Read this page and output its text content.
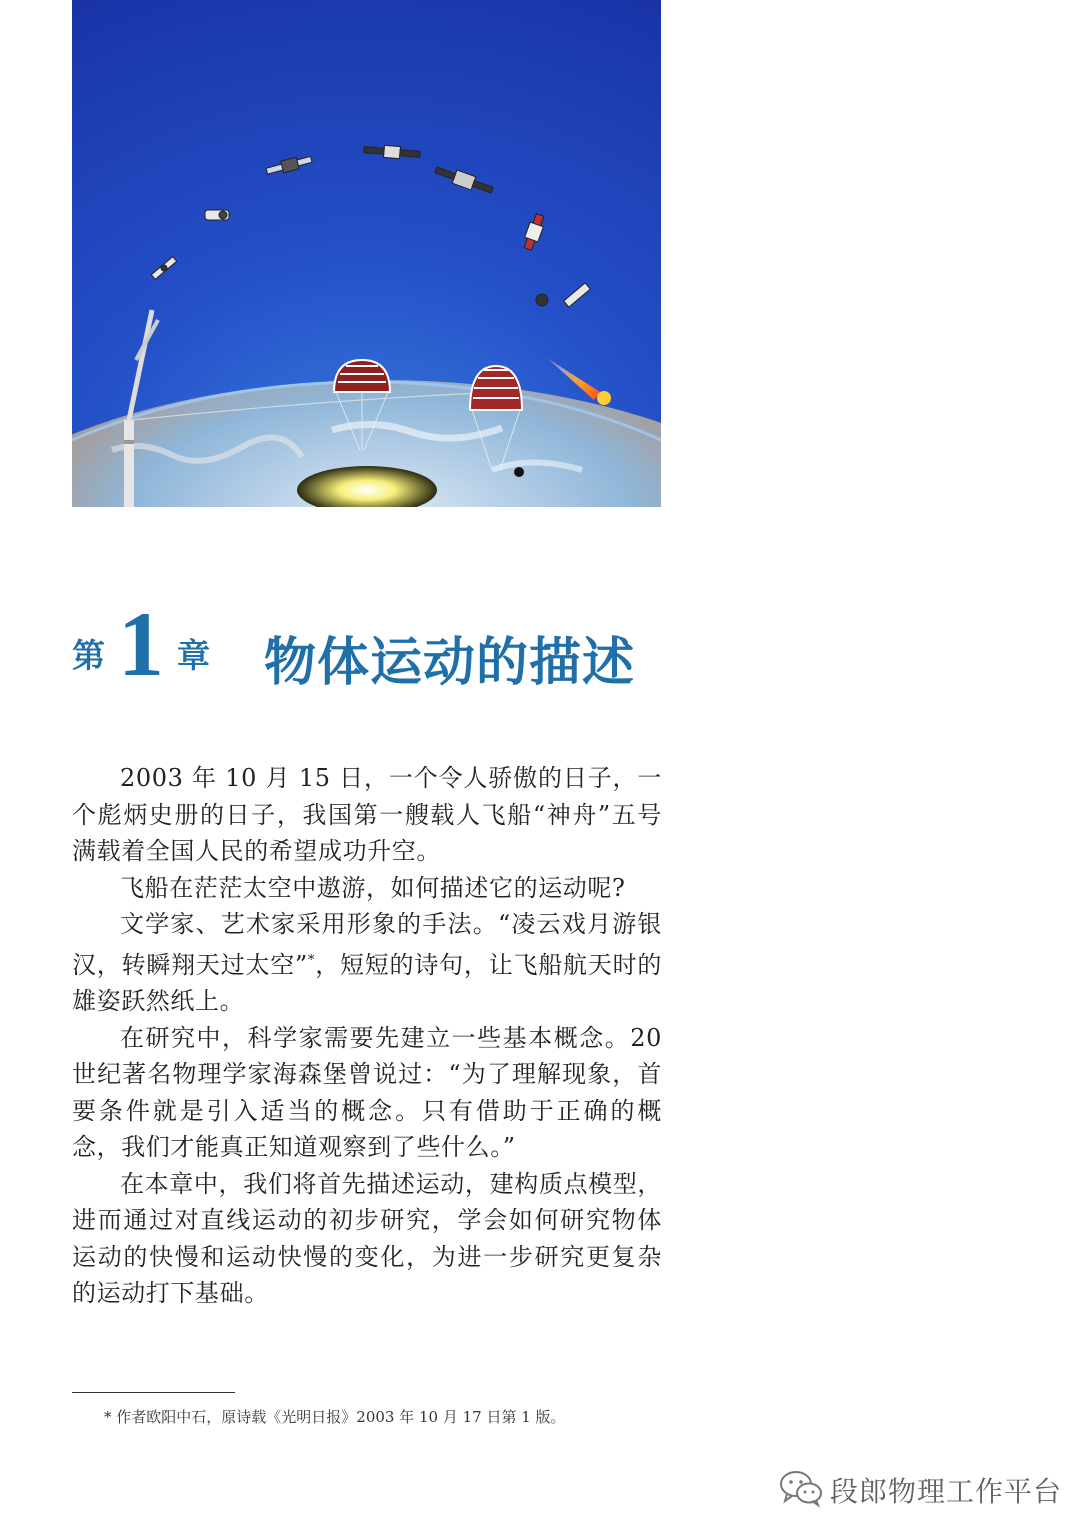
第 1 章 物体运动的描述

2003 年 10 月 15 日，一个令人骄傲的日子，一个彪炳史册的日子，我国第一艘载人飞船“神舟”五号满载着全国人民的希望成功升空。

飞船在茫茫太空中遨游，如何描述它的运动呢?

文学家、艺术家采用形象的手法。“凌云戏月游银汉，转瞬翔天过太空”*，短短的诗句，让飞船航天时的雄姿跃然纸上。

在研究中，科学家需要先建立一些基本概念。20 世纪著名物理学家海森堡曾说过：“为了理解现象，首要条件就是引入适当的概念。只有借助于正确的概念，我们才能真正知道观察到了些什么。”

在本章中，我们将首先描述运动，建构质点模型，进而通过对直线运动的初步研究，学会如何研究物体运动的快慢和运动快慢的变化，为进一步研究更复杂的运动打下基础。

* 作者欧阳中石，原诗载《光明日报》2003 年 10 月 17 日第 1 版。
段郎物理工作平台
